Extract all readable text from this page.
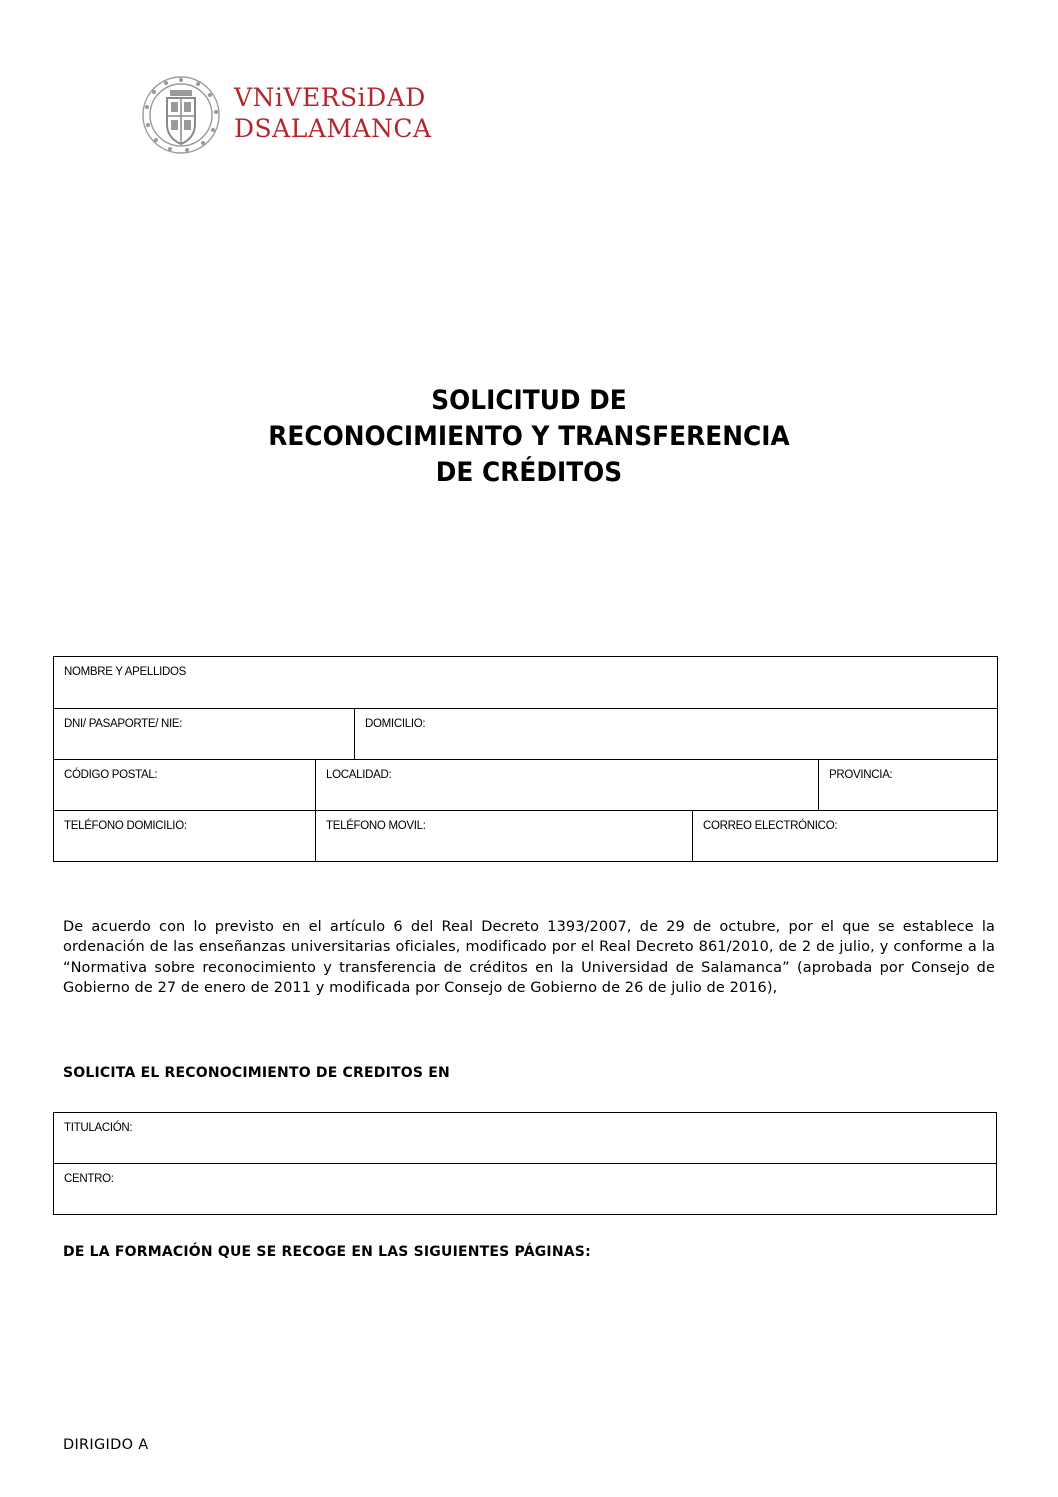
VNiVERSiDAD
DSALAMANCA
SOLICITUD DE
RECONOCIMIENTO Y TRANSFERENCIA
DE CRÉDITOS
NOMBRE Y APELLIDOS				
DNI/ PASAPORTE/ NIE:		DOMICILIO:		
CÓDIGO POSTAL:	LOCALIDAD:			PROVINCIA:
TELÉFONO DOMICILIO:	TELÉFONO MOVIL:		CORREO ELECTRÓNICO:	
De acuerdo con lo previsto en el artículo 6 del Real Decreto 1393/2007, de 29 de octubre, por el que se establece la ordenación de las enseñanzas universitarias oficiales, modificado por el Real Decreto 861/2010, de 2 de julio, y conforme a la “Normativa sobre reconocimiento y transferencia de créditos en la Universidad de Salamanca” (aprobada por Consejo de Gobierno de 27 de enero de 2011 y modificada por Consejo de Gobierno de 26 de julio de 2016),
SOLICITA EL RECONOCIMIENTO DE CREDITOS EN
TITULACIÓN:
CENTRO:
DE LA FORMACIÓN QUE SE RECOGE EN LAS SIGUIENTES PÁGINAS:
DIRIGIDO A
